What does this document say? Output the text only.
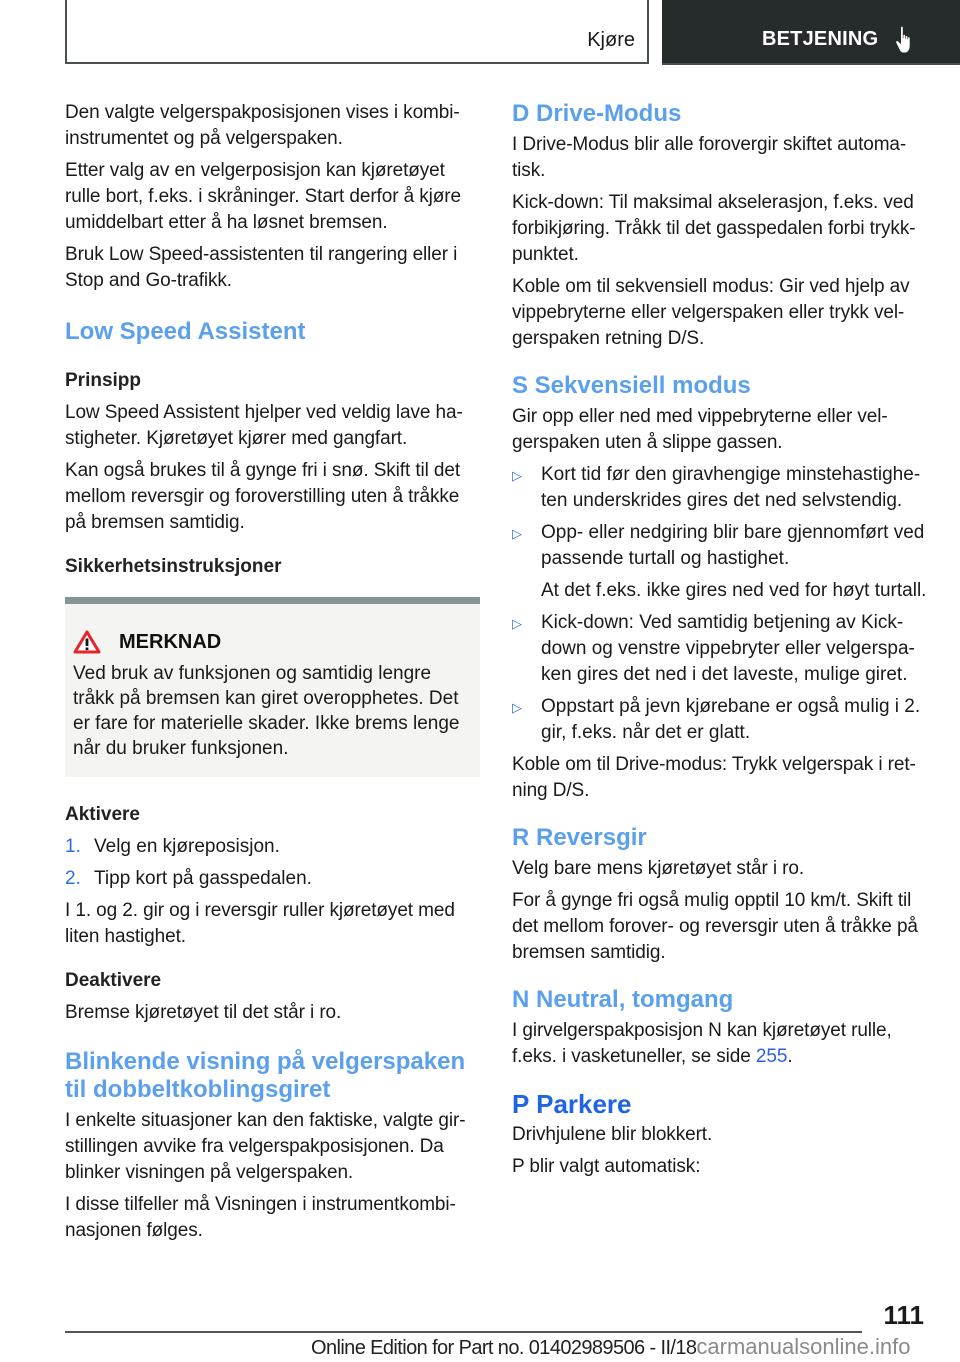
Kjøre	BETJENING

Den valgte velgerspakposisjonen vises i kombi-instrumentet og på velgerspaken.

Etter valg av en velgerposisjon kan kjøretøyet rulle bort, f.eks. i skråninger. Start derfor å kjøre umiddelbart etter å ha løsnet bremsen.

Bruk Low Speed-assistenten til rangering eller i Stop and Go-trafikk.

Low Speed Assistent
Prinsipp

Low Speed Assistent hjelper ved veldig lave ha-stigheter. Kjøretøyet kjører med gangfart.

Kan også brukes til å gynge fri i snø. Skift til det mellom reversgir og foroverstilling uten å tråkke på bremsen samtidig.

Sikkerhetsinstruksjoner
MERKNAD
Ved bruk av funksjonen og samtidig lengre tråkk på bremsen kan giret overopphetes. Det er fare for materielle skader. Ikke brems lenge når du bruker funksjonen.
Aktivere
1. Velg en kjøreposisjon.
2. Tipp kort på gasspedalen.

I 1. og 2. gir og i reversgir ruller kjøretøyet med liten hastighet.

Deaktivere

Bremse kjøretøyet til det står i ro.

Blinkende visning på velgerspaken til dobbeltkoblingsgiret

I enkelte situasjoner kan den faktiske, valgte gir-stillingen avvike fra velgerspakposisjonen. Da blinker visningen på velgerspaken.

I disse tilfeller må Visningen i instrumentkombi-nasjonen følges.

D Drive-Modus

I Drive-Modus blir alle forovergir skiftet automa-tisk.

Kick-down: Til maksimal akselerasjon, f.eks. ved forbikjøring. Tråkk til det gasspedalen forbi trykk-punktet.

Koble om til sekvensiell modus: Gir ved hjelp av vippebryterne eller velgerspaken eller trykk vel-gerspaken retning D/S.

S Sekvensiell modus

Gir opp eller ned med vippebryterne eller vel-gerspaken uten å slippe gassen.

▷	Kort tid før den giravhengige minstehastighe-ten underskrides gires det ned selvstendig.

▷	Opp- eller nedgiring blir bare gjennomført ved passende turtall og hastighet.

At det f.eks. ikke gires ned ved for høyt turtall.

▷	Kick-down: Ved samtidig betjening av Kick-down og venstre vippebryter eller velgerspa-ken gires det ned i det laveste, mulige giret.

▷	Oppstart på jevn kjørebane er også mulig i 2. gir, f.eks. når det er glatt.

Koble om til Drive-modus: Trykk velgerspak i ret-ning D/S.

R Reversgir

Velg bare mens kjøretøyet står i ro.

For å gynge fri også mulig opptil 10 km/t. Skift til det mellom forover- og reversgir uten å tråkke på bremsen samtidig.

N Neutral, tomgang

I girvelgerspakposisjon N kan kjøretøyet rulle, f.eks. i vasketuneller, se side 255.

P Parkere

Drivhjulene blir blokkert.

P blir valgt automatisk:

111
Online Edition for Part no. 01402989506 - II/18carmanualsonline.info
